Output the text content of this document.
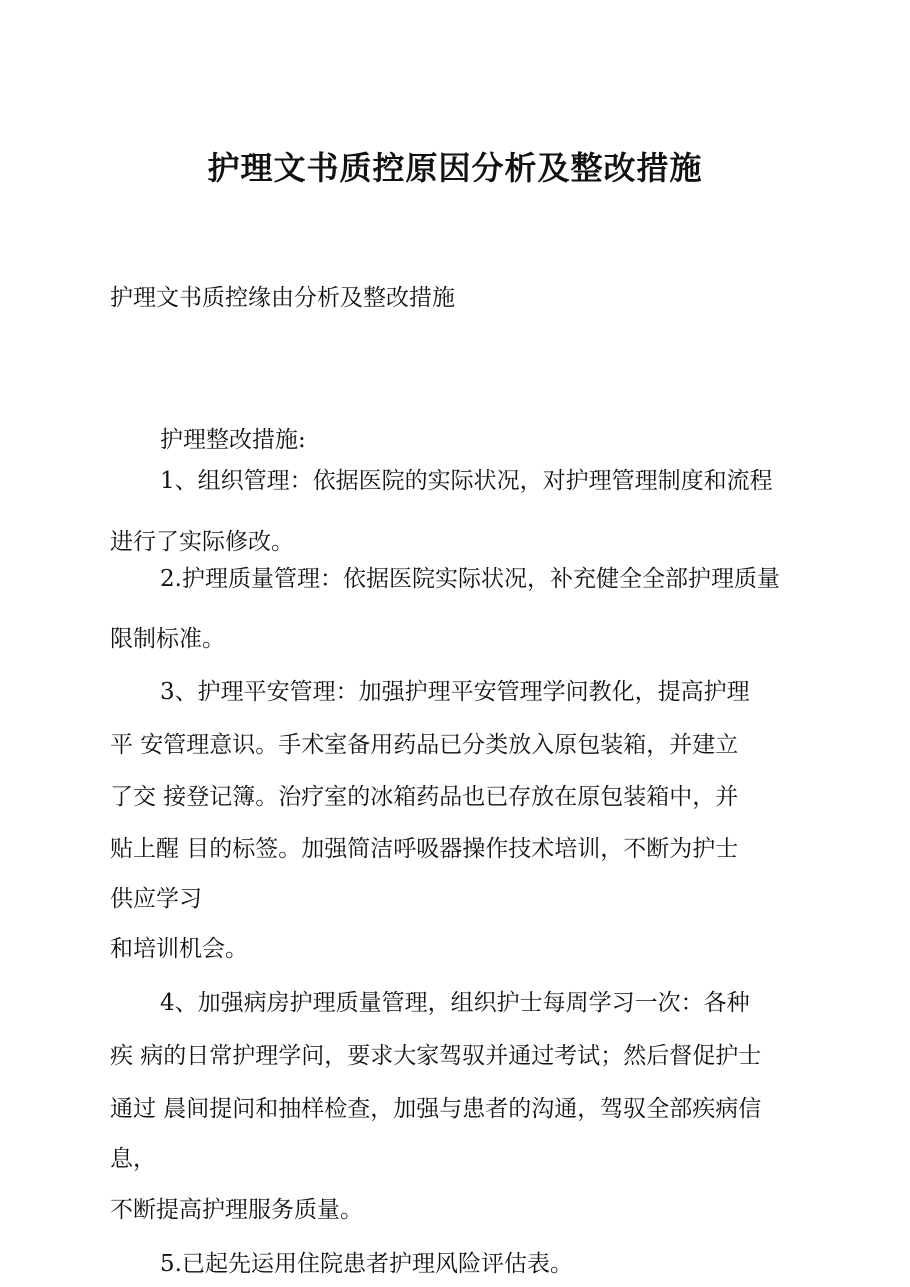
护理文书质控原因分析及整改措施
护理文书质控缘由分析及整改措施
护理整改措施:
1、组织管理：依据医院的实际状况，对护理管理制度和流程
进行了实际修改。
2.护理质量管理：依据医院实际状况，补充健全全部护理质量
限制标准。
3、护理平安管理：加强护理平安管理学问教化，提高护理
平 安管理意识。手术室备用药品已分类放入原包装箱，并建立
了交 接登记簿。治疗室的冰箱药品也已存放在原包装箱中，并
贴上醒 目的标签。加强简洁呼吸器操作技术培训，不断为护士
供应学习
和培训机会。
4、加强病房护理质量管理，组织护士每周学习一次：各种
疾 病的日常护理学问，要求大家驾驭并通过考试；然后督促护士
通过 晨间提问和抽样检查，加强与患者的沟通，驾驭全部疾病信
息，
不断提高护理服务质量。
5.已起先运用住院患者护理风险评估表。
